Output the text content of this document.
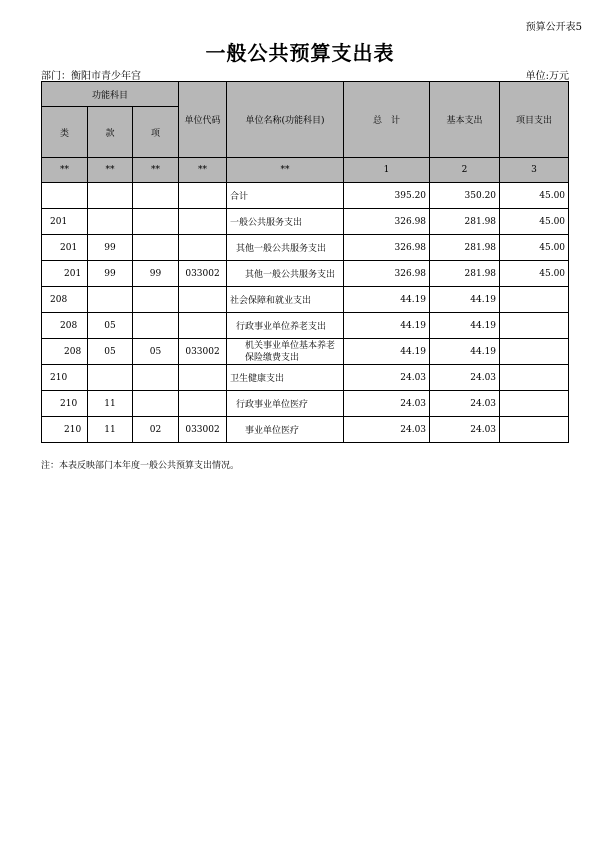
预算公开表5
一般公共预算支出表
部门：衡阳市青少年宫	单位:万元
功能科目			单位代码	单位名称(功能科目)	总　计	基本支出	项目支出
类	款	项					
**	**	**	**	**	1	2	3
				合计	395.20	350.20	45.00
201				一般公共服务支出	326.98	281.98	45.00
201	99			其他一般公共服务支出	326.98	281.98	45.00
201	99	99	033002	其他一般公共服务支出	326.98	281.98	45.00
208				社会保障和就业支出	44.19	44.19	
208	05			行政事业单位养老支出	44.19	44.19	
208	05	05	033002	机关事业单位基本养老保险缴费支出	44.19	44.19	
210				卫生健康支出	24.03	24.03	
210	11			行政事业单位医疗	24.03	24.03	
210	11	02	033002	事业单位医疗	24.03	24.03	
注：本表反映部门本年度一般公共预算支出情况。
